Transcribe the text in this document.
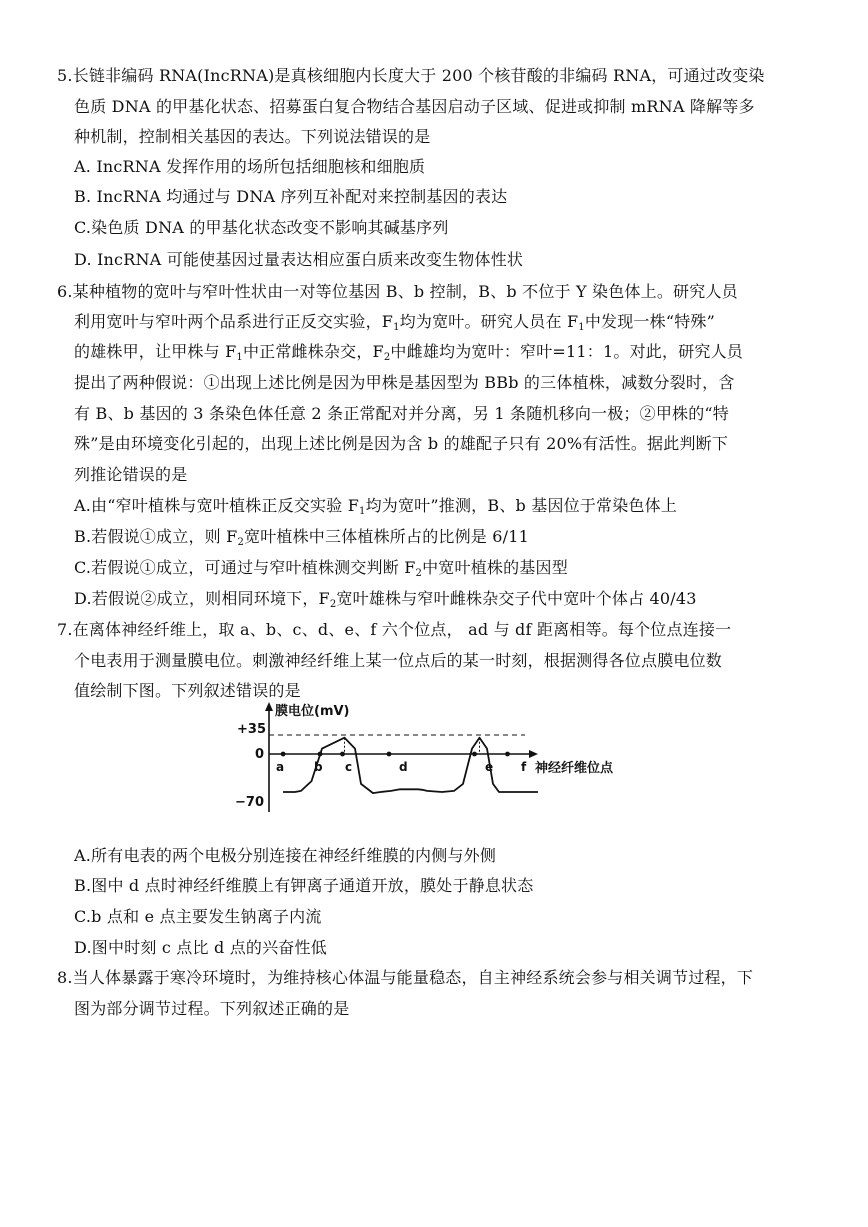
5.长链非编码 RNA(IncRNA)是真核细胞内长度大于 200 个核苷酸的非编码 RNA，可通过改变染
色质 DNA 的甲基化状态、招募蛋白复合物结合基因启动子区域、促进或抑制 mRNA 降解等多
种机制，控制相关基因的表达。下列说法错误的是
A. IncRNA 发挥作用的场所包括细胞核和细胞质
B. IncRNA 均通过与 DNA 序列互补配对来控制基因的表达
C.染色质 DNA 的甲基化状态改变不影响其碱基序列
D. IncRNA 可能使基因过量表达相应蛋白质来改变生物体性状
6.某种植物的宽叶与窄叶性状由一对等位基因 B、b 控制，B、b 不位于 Y 染色体上。研究人员
利用宽叶与窄叶两个品系进行正反交实验，$F_1$均为宽叶。研究人员在 $F_1$中发现一株“特殊”
的雄株甲，让甲株与 $F_1$中正常雌株杂交，$F_2$中雌雄均为宽叶：窄叶=11：1。对此，研究人员
提出了两种假说：①出现上述比例是因为甲株是基因型为 BBb 的三体植株，减数分裂时，含
有 B、b 基因的 3 条染色体任意 2 条正常配对并分离，另 1 条随机移向一极；②甲株的“特
殊”是由环境变化引起的，出现上述比例是因为含 b 的雄配子只有 20%有活性。据此判断下
列推论错误的是
A.由“窄叶植株与宽叶植株正反交实验 $F_1$均为宽叶”推测，B、b 基因位于常染色体上
B.若假说①成立，则 $F_2$宽叶植株中三体植株所占的比例是 6/11
C.若假说①成立，可通过与窄叶植株测交判断 $F_2$中宽叶植株的基因型
D.若假说②成立，则相同环境下，$F_2$宽叶雄株与窄叶雌株杂交子代中宽叶个体占 40/43
7.在离体神经纤维上，取 a、b、c、d、e、f 六个位点， ad 与 df 距离相等。每个位点连接一
个电表用于测量膜电位。刺激神经纤维上某一位点后的某一时刻，根据测得各位点膜电位数
值绘制下图。下列叙述错误的是
+35
0
−70
膜电位(mV)
神经纤维位点
a b c	d	e f
A.所有电表的两个电极分别连接在神经纤维膜的内侧与外侧
B.图中 d 点时神经纤维膜上有钾离子通道开放，膜处于静息状态
C.b 点和 e 点主要发生钠离子内流
D.图中时刻 c 点比 d 点的兴奋性低
8.当人体暴露于寒冷环境时，为维持核心体温与能量稳态，自主神经系统会参与相关调节过程，下
图为部分调节过程。下列叙述正确的是
